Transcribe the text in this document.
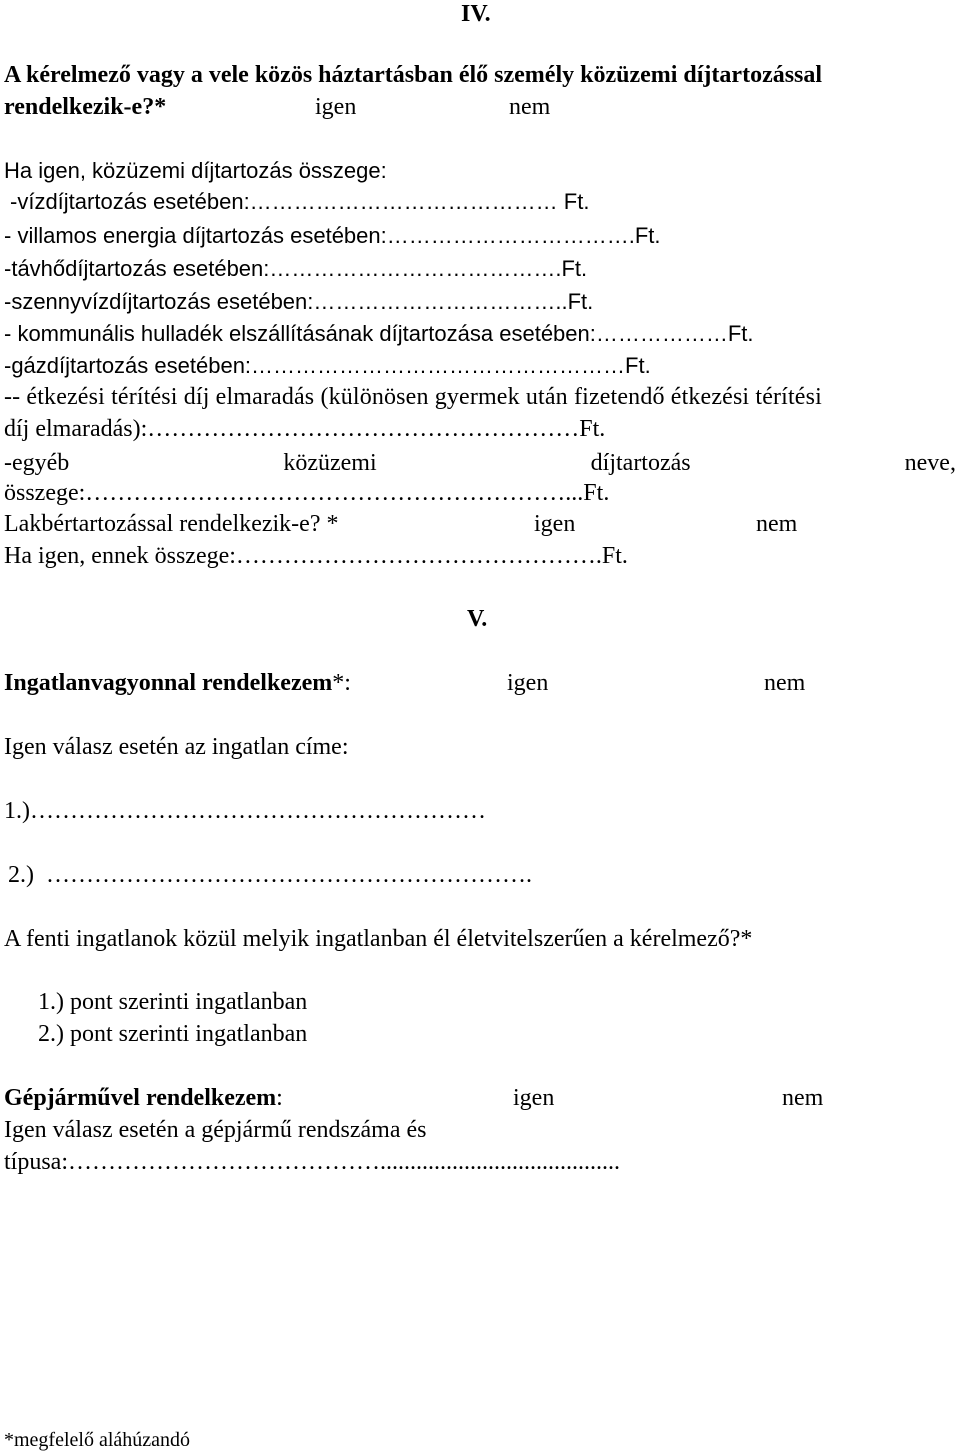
IV.
A kérelmező vagy a vele közös háztartásban élő személy közüzemi díjtartozással
rendelkezik-e?*	igen	nem
Ha igen, közüzemi díjtartozás összege:
-vízdíjtartozás esetében:…………………………………… Ft.
- villamos energia díjtartozás esetében:…………………………….Ft.
-távhődíjtartozás esetében:………………………………….Ft.
-szennyvízdíjtartozás esetében:……………………………..Ft.
- kommunális hulladék elszállításának díjtartozása esetében:………………Ft.
-gázdíjtartozás esetében:……………………………………………Ft.
-- étkezési térítési díj elmaradás (különösen gyermek után fizetendő étkezési térítési
díj elmaradás):………………………………………………Ft.
-egyéb	közüzemi	díjtartozás	neve,
összege:……………………………………………………...Ft.
Lakbértartozással rendelkezik-e? *	igen	nem
Ha igen, ennek összege:……………………………………….Ft.
V.
Ingatlanvagyonnal rendelkezem*:	igen	nem
Igen válasz esetén az ingatlan címe:
1.)…………………………………………………
2.)  …………………………………………………….
A fenti ingatlanok közül melyik ingatlanban él életvitelszerűen a kérelmező?*
1.) pont szerinti ingatlanban
2.) pont szerinti ingatlanban
Gépjárművel rendelkezem:	igen	nem
Igen válasz esetén a gépjármű rendszáma és
típusa:…………………………………........................................
*megfelelő aláhúzandó
